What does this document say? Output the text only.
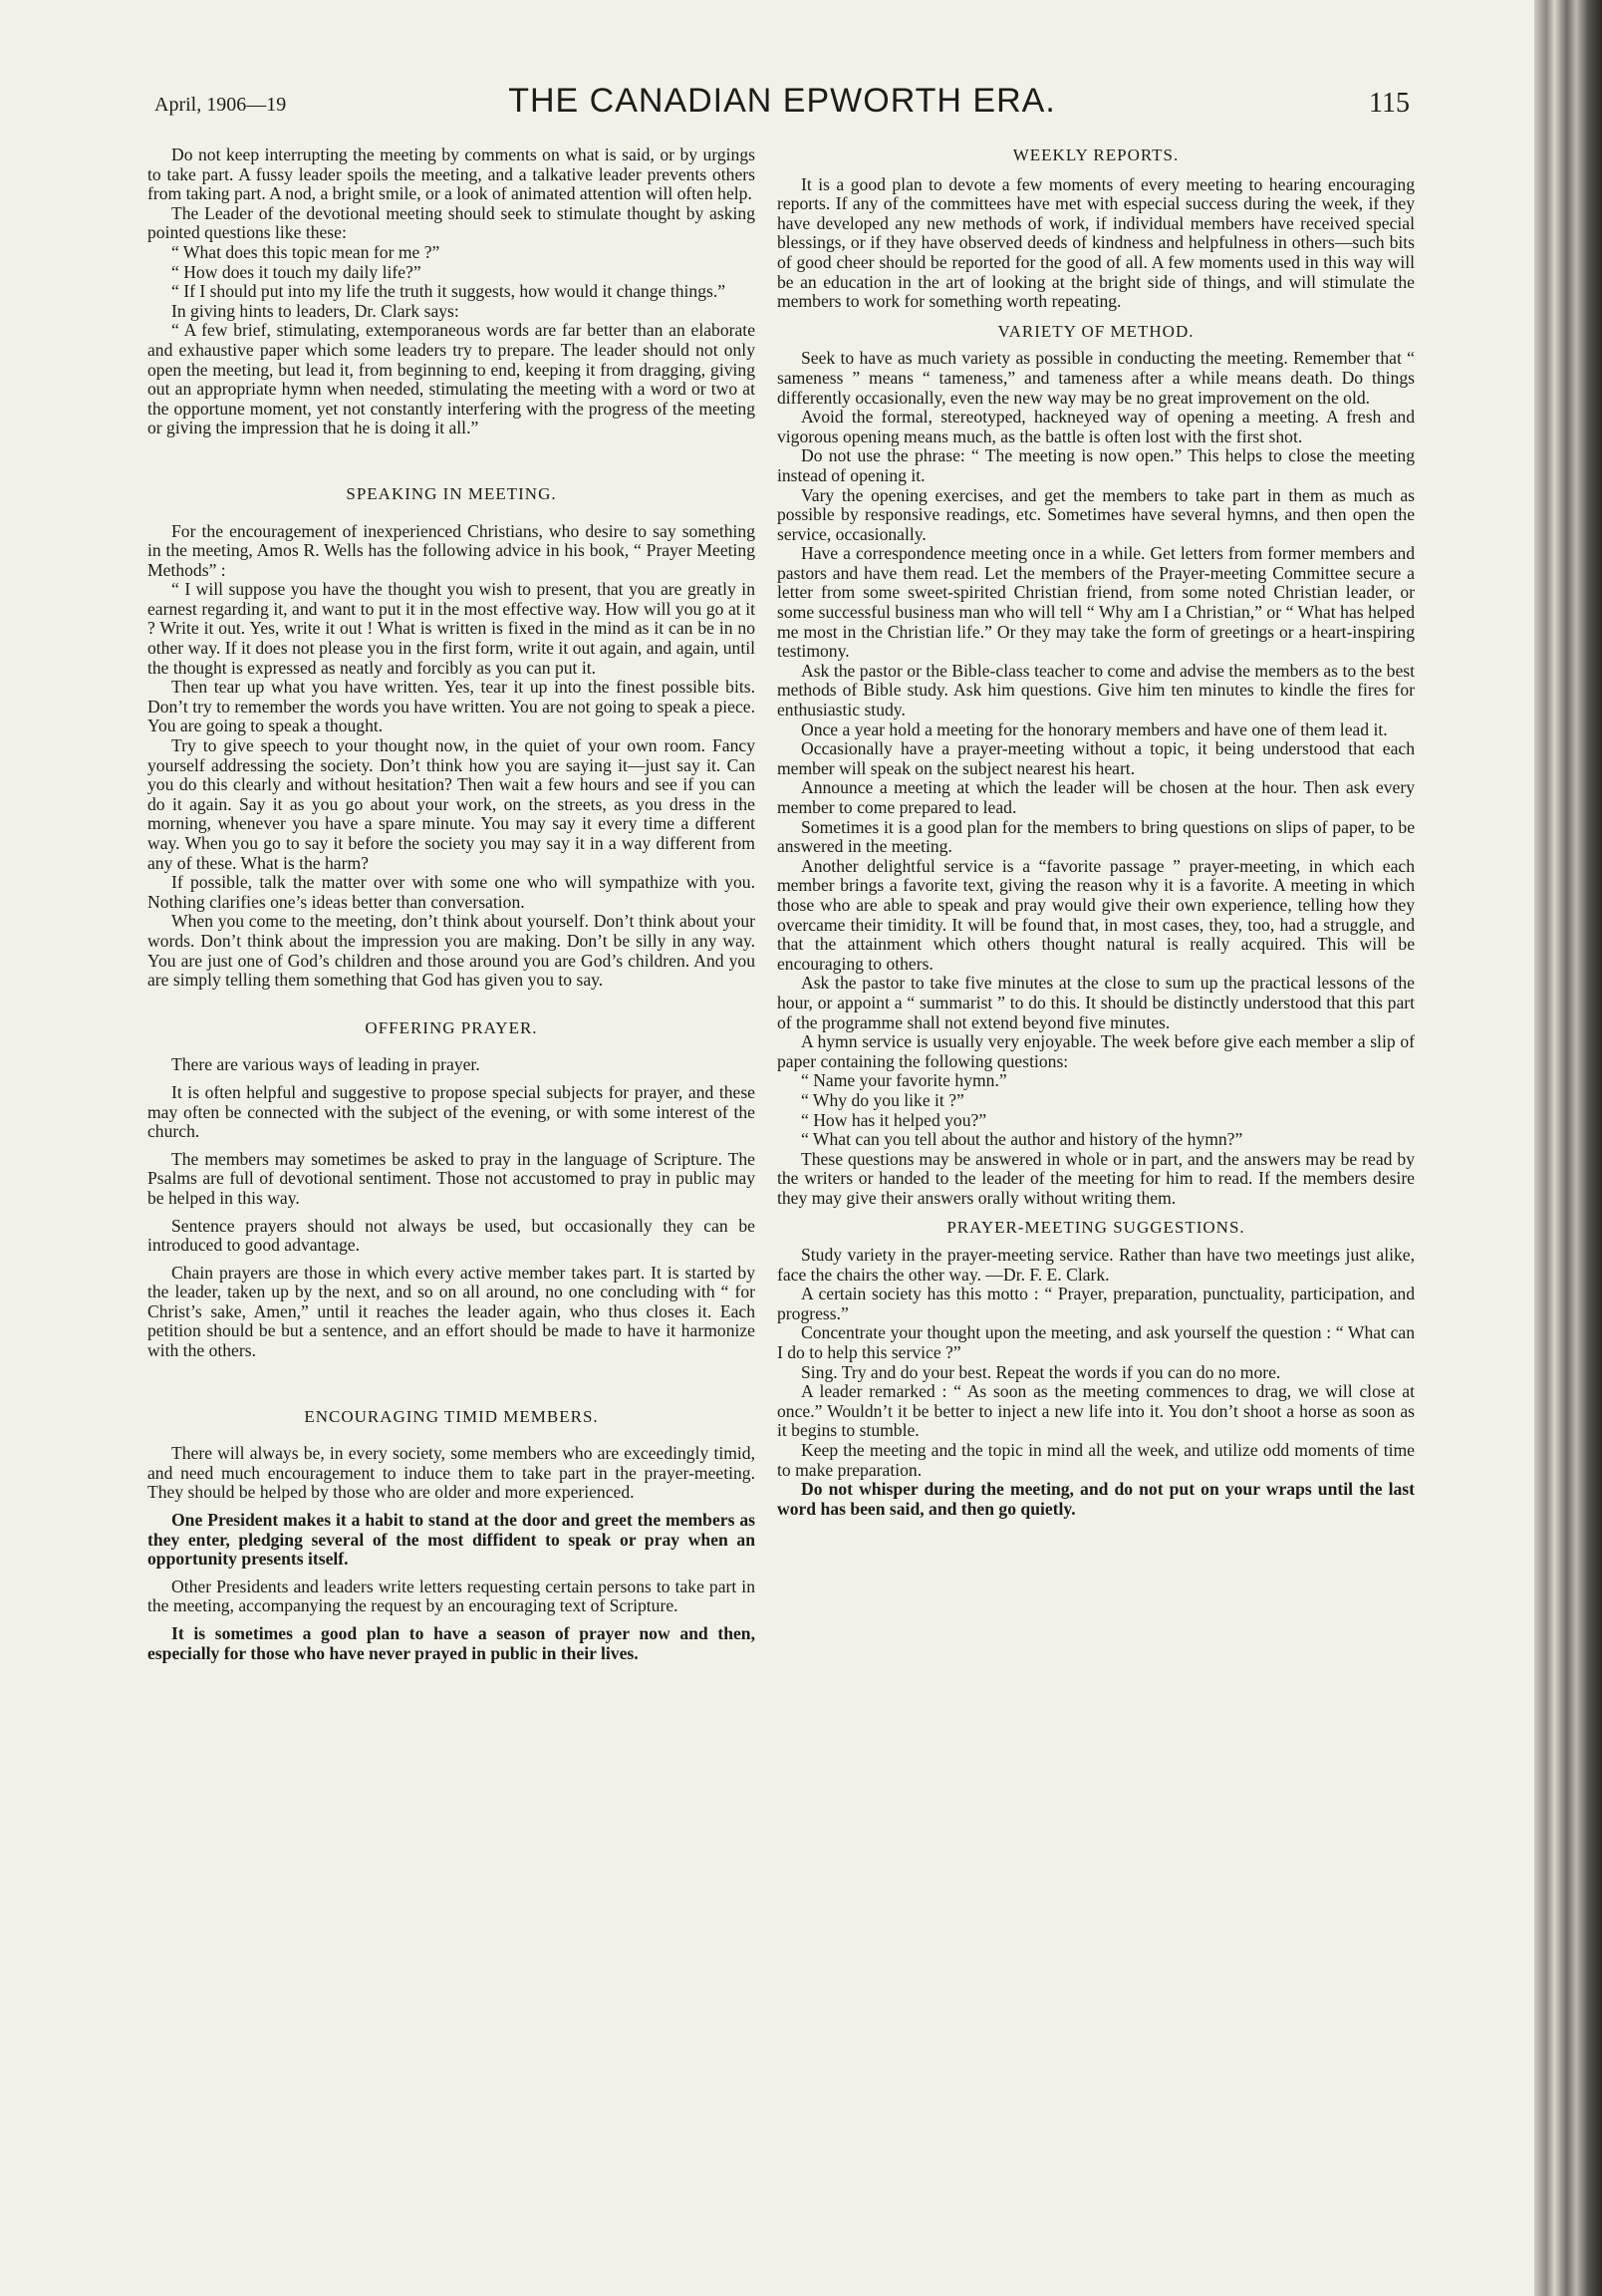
April, 1906—19	THE CANADIAN EPWORTH ERA.	115

Do not keep interrupting the meeting by comments on what is said, or by urgings to take part. A fussy leader spoils the meeting, and a talkative leader prevents others from taking part. A nod, a bright smile, or a look of animated attention will often help.

The Leader of the devotional meeting should seek to stimulate thought by asking pointed questions like these:

“ What does this topic mean for me ?”

“ How does it touch my daily life?”

“ If I should put into my life the truth it suggests, how would it change things.”

In giving hints to leaders, Dr. Clark says:

“ A few brief, stimulating, extemporaneous words are far better than an elaborate and exhaustive paper which some leaders try to prepare. The leader should not only open the meeting, but lead it, from beginning to end, keeping it from dragging, giving out an appropriate hymn when needed, stimulating the meeting with a word or two at the opportune moment, yet not constantly interfering with the progress of the meeting or giving the impression that he is doing it all.”

SPEAKING IN MEETING.

For the encouragement of inexperienced Christians, who desire to say something in the meeting, Amos R. Wells has the following advice in his book, “ Prayer Meeting Methods” :

“ I will suppose you have the thought you wish to present, that you are greatly in earnest regarding it, and want to put it in the most effective way. How will you go at it ? Write it out. Yes, write it out ! What is written is fixed in the mind as it can be in no other way. If it does not please you in the first form, write it out again, and again, until the thought is expressed as neatly and forcibly as you can put it.

Then tear up what you have written. Yes, tear it up into the finest possible bits. Don’t try to remember the words you have written. You are not going to speak a piece. You are going to speak a thought.

Try to give speech to your thought now, in the quiet of your own room. Fancy yourself addressing the society. Don’t think how you are saying it—just say it. Can you do this clearly and without hesitation? Then wait a few hours and see if you can do it again. Say it as you go about your work, on the streets, as you dress in the morning, whenever you have a spare minute. You may say it every time a different way. When you go to say it before the society you may say it in a way different from any of these. What is the harm?

If possible, talk the matter over with some one who will sympathize with you. Nothing clarifies one’s ideas better than conversation.

When you come to the meeting, don’t think about yourself. Don’t think about your words. Don’t think about the impression you are making. Don’t be silly in any way. You are just one of God’s children and those around you are God’s children. And you are simply telling them something that God has given you to say.

OFFERING PRAYER.

There are various ways of leading in prayer.

It is often helpful and suggestive to propose special subjects for prayer, and these may often be connected with the subject of the evening, or with some interest of the church.

The members may sometimes be asked to pray in the language of Scripture. The Psalms are full of devotional sentiment. Those not accustomed to pray in public may be helped in this way.

Sentence prayers should not always be used, but occasionally they can be introduced to good advantage.

Chain prayers are those in which every active member takes part. It is started by the leader, taken up by the next, and so on all around, no one concluding with “ for Christ’s sake, Amen,” until it reaches the leader again, who thus closes it. Each petition should be but a sentence, and an effort should be made to have it harmonize with the others.

ENCOURAGING TIMID MEMBERS.

There will always be, in every society, some members who are exceedingly timid, and need much encouragement to induce them to take part in the prayer-meeting. They should be helped by those who are older and more experienced.

One President makes it a habit to stand at the door and greet the members as they enter, pledging several of the most diffident to speak or pray when an opportunity presents itself.

Other Presidents and leaders write letters requesting certain persons to take part in the meeting, accompanying the request by an encouraging text of Scripture.

It is sometimes a good plan to have a season of prayer now and then, especially for those who have never prayed in public in their lives.

WEEKLY REPORTS.

It is a good plan to devote a few moments of every meeting to hearing encouraging reports. If any of the committees have met with especial success during the week, if they have developed any new methods of work, if individual members have received special blessings, or if they have observed deeds of kindness and helpfulness in others—such bits of good cheer should be reported for the good of all. A few moments used in this way will be an education in the art of looking at the bright side of things, and will stimulate the members to work for something worth repeating.

VARIETY OF METHOD.

Seek to have as much variety as possible in conducting the meeting. Remember that “ sameness ” means “ tameness,” and tameness after a while means death. Do things differently occasionally, even the new way may be no great improvement on the old.

Avoid the formal, stereotyped, hackneyed way of opening a meeting. A fresh and vigorous opening means much, as the battle is often lost with the first shot.

Do not use the phrase: “ The meeting is now open.” This helps to close the meeting instead of opening it.

Vary the opening exercises, and get the members to take part in them as much as possible by responsive readings, etc. Sometimes have several hymns, and then open the service, occasionally.

Have a correspondence meeting once in a while. Get letters from former members and pastors and have them read. Let the members of the Prayer-meeting Committee secure a letter from some sweet-spirited Christian friend, from some noted Christian leader, or some successful business man who will tell “ Why am I a Christian,” or “ What has helped me most in the Christian life.” Or they may take the form of greetings or a heart-inspiring testimony.

Ask the pastor or the Bible-class teacher to come and advise the members as to the best methods of Bible study. Ask him questions. Give him ten minutes to kindle the fires for enthusiastic study.

Once a year hold a meeting for the honorary members and have one of them lead it.

Occasionally have a prayer-meeting without a topic, it being understood that each member will speak on the subject nearest his heart.

Announce a meeting at which the leader will be chosen at the hour. Then ask every member to come prepared to lead.

Sometimes it is a good plan for the members to bring questions on slips of paper, to be answered in the meeting.

Another delightful service is a “favorite passage ” prayer-meeting, in which each member brings a favorite text, giving the reason why it is a favorite. A meeting in which those who are able to speak and pray would give their own experience, telling how they overcame their timidity. It will be found that, in most cases, they, too, had a struggle, and that the attainment which others thought natural is really acquired. This will be encouraging to others.

Ask the pastor to take five minutes at the close to sum up the practical lessons of the hour, or appoint a “ summarist ” to do this. It should be distinctly understood that this part of the programme shall not extend beyond five minutes.

A hymn service is usually very enjoyable. The week before give each member a slip of paper containing the following questions:

“ Name your favorite hymn.”

“ Why do you like it ?”

“ How has it helped you?”

“ What can you tell about the author and history of the hymn?”

These questions may be answered in whole or in part, and the answers may be read by the writers or handed to the leader of the meeting for him to read. If the members desire they may give their answers orally without writing them.

PRAYER-MEETING SUGGESTIONS.

Study variety in the prayer-meeting service. Rather than have two meetings just alike, face the chairs the other way. —Dr. F. E. Clark.

A certain society has this motto : “ Prayer, preparation, punctuality, participation, and progress.”

Concentrate your thought upon the meeting, and ask yourself the question : “ What can I do to help this service ?”

Sing. Try and do your best. Repeat the words if you can do no more.

A leader remarked : “ As soon as the meeting commences to drag, we will close at once.” Wouldn’t it be better to inject a new life into it. You don’t shoot a horse as soon as it begins to stumble.

Keep the meeting and the topic in mind all the week, and utilize odd moments of time to make preparation.

Do not whisper during the meeting, and do not put on your wraps until the last word has been said, and then go quietly.
